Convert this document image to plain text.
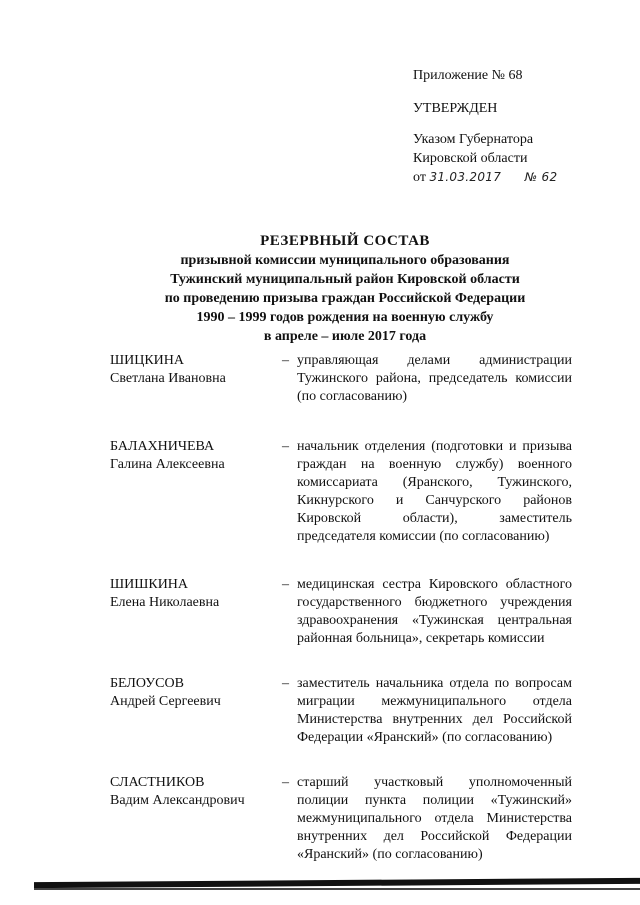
Приложение № 68
УТВЕРЖДЕН
Указом Губернатора
Кировской области
от 31.03.2017 № 62
РЕЗЕРВНЫЙ СОСТАВ
призывной комиссии муниципального образования
Тужинский муниципальный район Кировской области
по проведению призыва граждан Российской Федерации
1990 – 1999 годов рождения на военную службу
в апреле – июле 2017 года
ШИЦКИНА
Светлана Ивановна
– управляющая делами администрации Тужинского района, председатель комиссии (по согласованию)
БАЛАХНИЧЕВА
Галина Алексеевна
– начальник отделения (подготовки и призыва граждан на военную службу) военного комиссариата (Яранского, Тужинского, Кикнурского и Санчурского районов Кировской области), заместитель председателя комиссии (по согласованию)
ШИШКИНА
Елена Николаевна
– медицинская сестра Кировского областного государственного бюджетного учреждения здравоохранения «Тужинская центральная районная больница», секретарь комиссии
БЕЛОУСОВ
Андрей Сергеевич
– заместитель начальника отдела по вопросам миграции межмуниципального отдела Министерства внутренних дел Российской Федерации «Яранский» (по согласованию)
СЛАСТНИКОВ
Вадим Александрович
– старший участковый уполномоченный полиции пункта полиции «Тужинский» межмуниципального отдела Министерства внутренних дел Российской Федерации «Яранский» (по согласованию)
